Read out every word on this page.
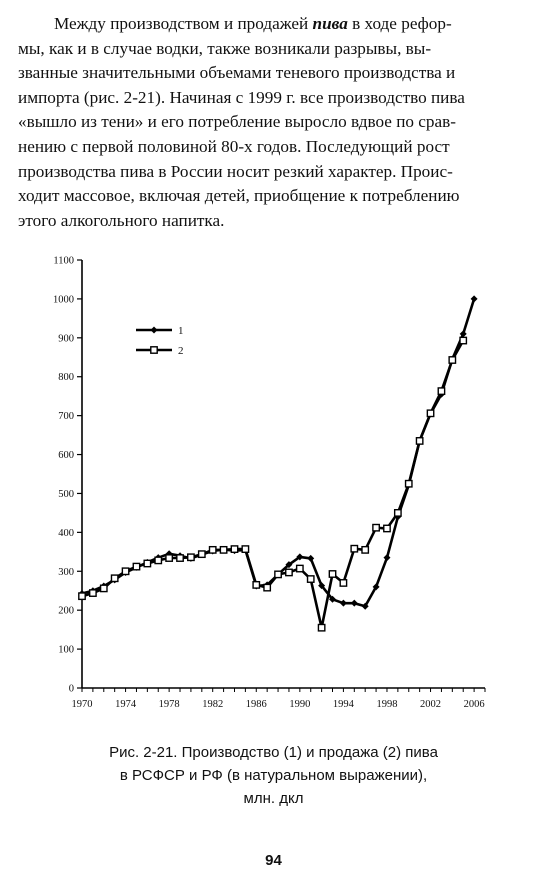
Между производством и продажей пива в ходе рефор-
мы, как и в случае водки, также возникали разрывы, вы-
званные значительными объемами теневого производства и
импорта (рис. 2-21). Начиная с 1999 г. все производство пива
«вышло из тени» и его потребление выросло вдвое по срав-
нению с первой половиной 80-х годов. Последующий рост
производства пива в России носит резкий характер. Проис-
ходит массовое, включая детей, приобщение к потреблению
этого алкогольного напитка.
0
100
200
300
400
500
600
700
800
900
1000
1100
1970 1974 1978 1982 1986 1990 1994 1998 2002 2006
1
2
Рис. 2-21. Производство (1) и продажа (2) пива
в РСФСР и РФ (в натуральном выражении),
млн. дкл
94
